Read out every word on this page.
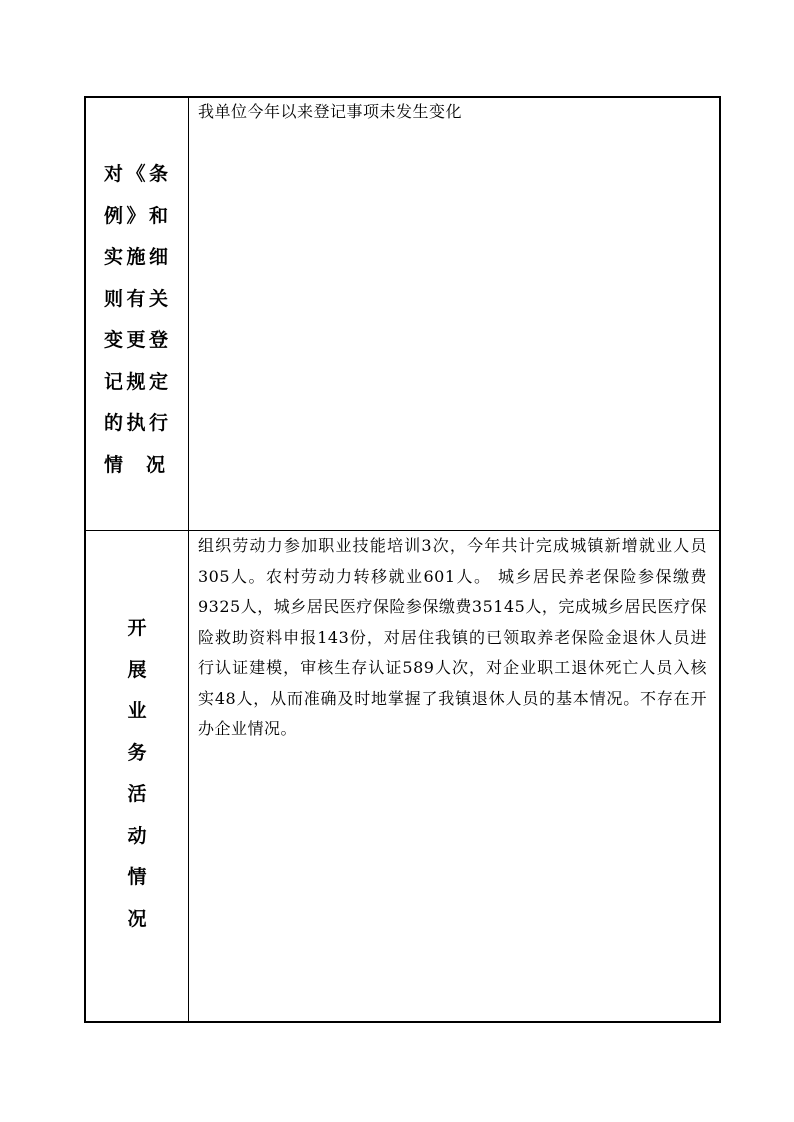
对《条例》和实施细则有关变更登记规定的执行情　况
我单位今年以来登记事项未发生变化
开
展
业
务
活
动
情
况
组织劳动力参加职业技能培训3次，今年共计完成城镇新增就业人员305人。农村劳动力转移就业601人。 城乡居民养老保险参保缴费9325人，城乡居民医疗保险参保缴费35145人，完成城乡居民医疗保险救助资料申报143份，对居住我镇的已领取养老保险金退休人员进行认证建模，审核生存认证589人次，对企业职工退休死亡人员入核实48人，从而准确及时地掌握了我镇退休人员的基本情况。不存在开办企业情况。
